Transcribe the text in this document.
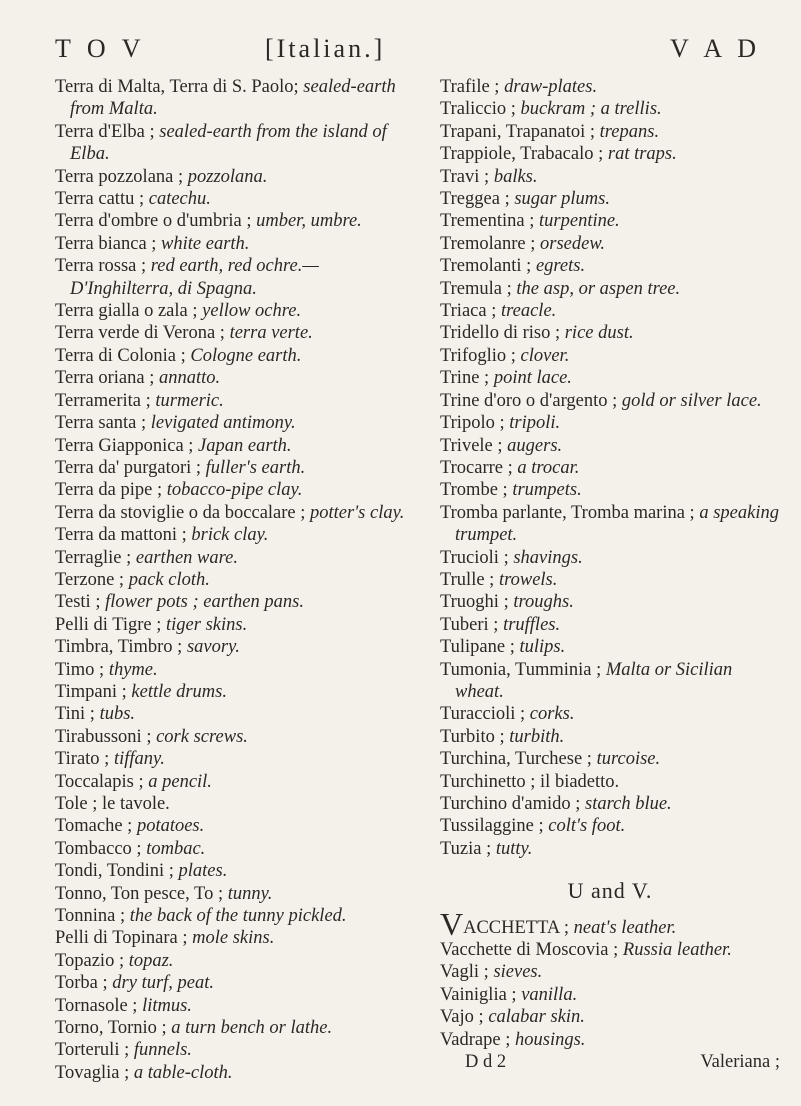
T O V	[Italian.]	V A D
Terra di Malta, Terra di S. Paolo; sealed-earth from Malta.
Terra d'Elba ; sealed-earth from the island of Elba.
Terra pozzolana ; pozzolana.
Terra cattu ; catechu.
Terra d'ombre o d'umbria ; umber, umbre.
Terra bianca ; white earth.
Terra rossa ; red earth, red ochre.— D'Inghilterra, di Spagna.
Terra gialla o zala ; yellow ochre.
Terra verde di Verona ; terra verte.
Terra di Colonia ; Cologne earth.
Terra oriana ; annatto.
Terramerita ; turmeric.
Terra santa ; levigated antimony.
Terra Giapponica ; Japan earth.
Terra da' purgatori ; fuller's earth.
Terra da pipe ; tobacco-pipe clay.
Terra da stoviglie o da boccalare ; potter's clay.
Terra da mattoni ; brick clay.
Terraglie ; earthen ware.
Terzone ; pack cloth.
Testi ; flower pots ; earthen pans.
Pelli di Tigre ; tiger skins.
Timbra, Timbro ; savory.
Timo ; thyme.
Timpani ; kettle drums.
Tini ; tubs.
Tirabussoni ; cork screws.
Tirato ; tiffany.
Toccalapis ; a pencil.
Tole ; le tavole.
Tomache ; potatoes.
Tombacco ; tombac.
Tondi, Tondini ; plates.
Tonno, Ton pesce, To ; tunny.
Tonnina ; the back of the tunny pickled.
Pelli di Topinara ; mole skins.
Topazio ; topaz.
Torba ; dry turf, peat.
Tornasole ; litmus.
Torno, Tornio ; a turn bench or lathe.
Torteruli ; funnels.
Tovaglia ; a table-cloth.
Trafile ; draw-plates.
Traliccio ; buckram ; a trellis.
Trapani, Trapanatoi ; trepans.
Trappiole, Trabacalo ; rat traps.
Travi ; balks.
Treggea ; sugar plums.
Trementina ; turpentine.
Tremolanre ; orsedew.
Tremolanti ; egrets.
Tremula ; the asp, or aspen tree.
Triaca ; treacle.
Tridello di riso ; rice dust.
Trifoglio ; clover.
Trine ; point lace.
Trine d'oro o d'argento ; gold or silver lace.
Tripolo ; tripoli.
Trivele ; augers.
Trocarre ; a trocar.
Trombe ; trumpets.
Tromba parlante, Tromba marina ; a speaking trumpet.
Trucioli ; shavings.
Trulle ; trowels.
Truoghi ; troughs.
Tuberi ; truffles.
Tulipane ; tulips.
Tumonia, Tumminia ; Malta or Sicilian wheat.
Turaccioli ; corks.
Turbito ; turbith.
Turchina, Turchese ; turcoise.
Turchinetto ; il biadetto.
Turchino d'amido ; starch blue.
Tussilaggine ; colt's foot.
Tuzia ; tutty.
U and V.
VACCHETTA ; neat's leather.
Vacchette di Moscovia ; Russia leather.
Vagli ; sieves.
Vainiglia ; vanilla.
Vajo ; calabar skin.
Vadrape ; housings.
D d 2	Valeriana ;
